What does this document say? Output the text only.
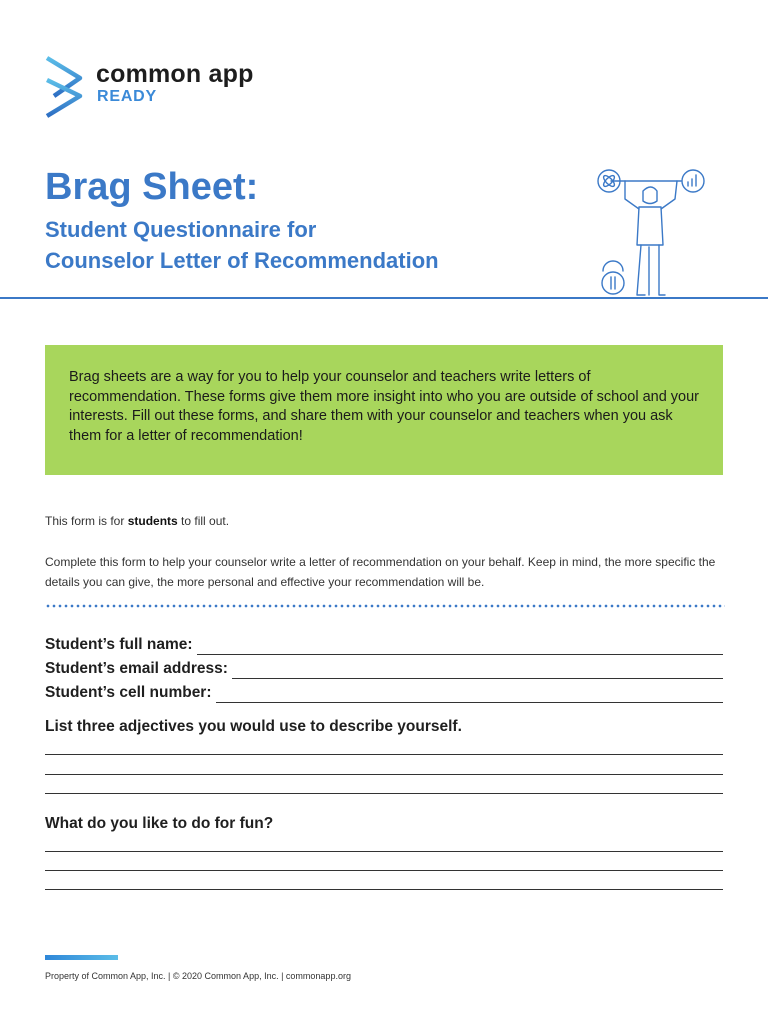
common app
READY
Brag Sheet:
Student Questionnaire for
Counselor Letter of Recommendation

Brag sheets are a way for you to help your counselor and teachers write letters of recommendation. These forms give them more insight into who you are outside of school and your interests. Fill out these forms, and share them with your counselor and teachers when you ask them for a letter of recommendation!

This form is for students to fill out.
Complete this form to help your counselor write a letter of recommendation on your behalf. Keep in mind, the more specific the details you can give, the more personal and effective your recommendation will be.
Student’s full name:
Student’s email address:
Student’s cell number:
List three adjectives you would use to describe yourself.
What do you like to do for fun?
Property of Common App, Inc. | © 2020 Common App, Inc. | commonapp.org
